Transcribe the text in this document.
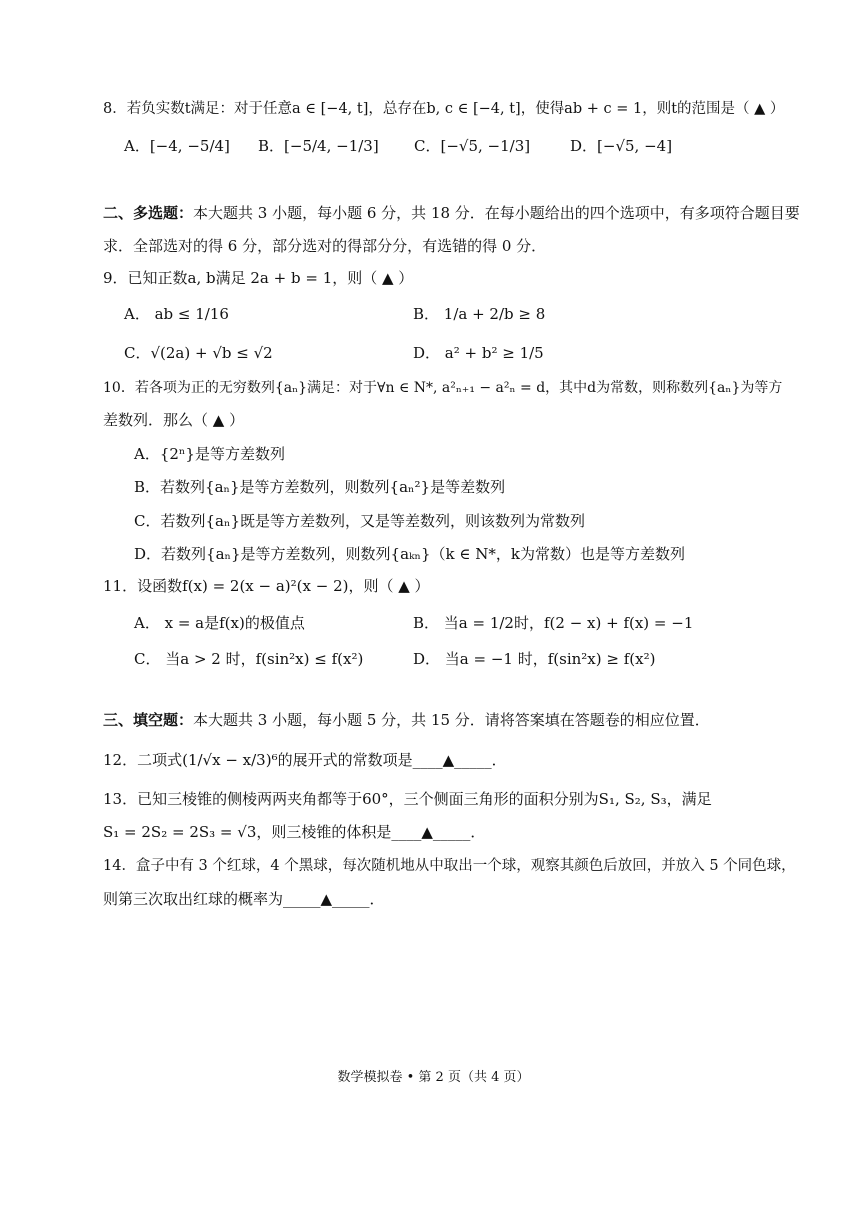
8．若负实数t满足：对于任意a ∈ [−4, t]，总存在b, c ∈ [−4, t]，使得ab + c = 1，则t的范围是（ ▲ ）
A．[−4, −5/4] B．[−5/4, −1/3] C．[−√5, −1/3]	D．[−√5, −4]
二、多选题：本大题共 3 小题，每小题 6 分，共 18 分．在每小题给出的四个选项中，有多项符合题目要
求．全部选对的得 6 分，部分选对的得部分分，有选错的得 0 分．
9．已知正数a, b满足 2a + b = 1，则（ ▲ ）
A． ab ≤ 1/16	B． 1/a + 2/b ≥ 8
C．√(2a) + √b ≤ √2	D． a² + b² ≥ 1/5
10．若各项为正的无穷数列{aₙ}满足：对于∀n ∈ N*, a²ₙ₊₁ − a²ₙ = d，其中d为常数，则称数列{aₙ}为等方
差数列．那么（ ▲ ）
A．{2ⁿ}是等方差数列
B．若数列{aₙ}是等方差数列，则数列{aₙ²}是等差数列
C．若数列{aₙ}既是等方差数列，又是等差数列，则该数列为常数列
D．若数列{aₙ}是等方差数列，则数列{aₖₙ}（k ∈ N*，k为常数）也是等方差数列
11．设函数f(x) = 2(x − a)²(x − 2)，则（ ▲ ）
A． x = a是f(x)的极值点	B． 当a = 1/2时，f(2 − x) + f(x) = −1
C． 当a > 2 时，f(sin²x) ≤ f(x²)	D． 当a = −1 时，f(sin²x) ≥ f(x²)
三、填空题：本大题共 3 小题，每小题 5 分，共 15 分．请将答案填在答题卷的相应位置．
12．二项式(1/√x − x/3)⁶的展开式的常数项是____▲_____．
13．已知三棱锥的侧棱两两夹角都等于60°，三个侧面三角形的面积分别为S₁, S₂, S₃，满足
S₁ = 2S₂ = 2S₃ = √3，则三棱锥的体积是____▲_____．
14．盒子中有 3 个红球，4 个黑球，每次随机地从中取出一个球，观察其颜色后放回，并放入 5 个同色球，
则第三次取出红球的概率为_____▲_____．
数学模拟卷 • 第 2 页（共 4 页）
